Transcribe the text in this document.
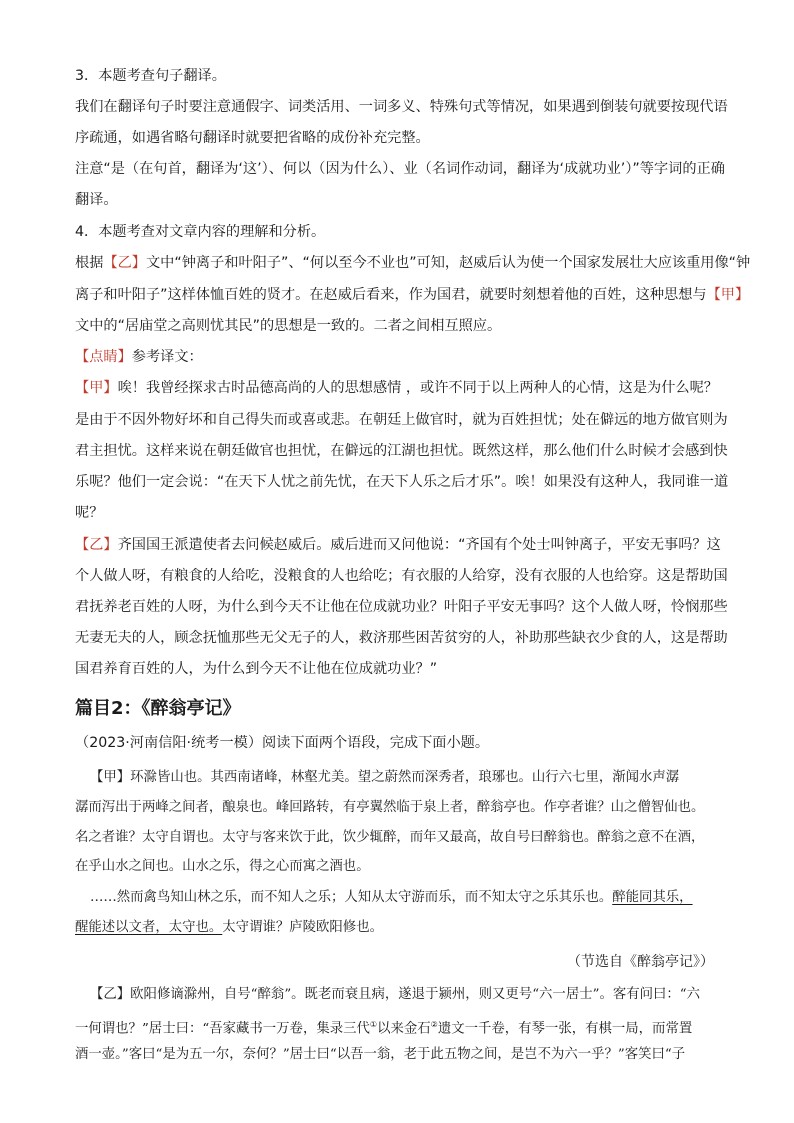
3．本题考查句子翻译。
我们在翻译句子时要注意通假字、词类活用、一词多义、特殊句式等情况，如果遇到倒装句就要按现代语
序疏通，如遇省略句翻译时就要把省略的成份补充完整。
注意“是（在句首，翻译为‘这’）、何以（因为什么）、业（名词作动词，翻译为‘成就功业’）”等字词的正确
翻译。
4．本题考查对文章内容的理解和分析。
根据【乙】文中“钟离子和叶阳子”、“何以至今不业也”可知，赵威后认为使一个国家发展壮大应该重用像“钟
离子和叶阳子”这样体恤百姓的贤才。在赵威后看来，作为国君，就要时刻想着他的百姓，这种思想与【甲】
文中的“居庙堂之高则忧其民”的思想是一致的。二者之间相互照应。
【点睛】参考译文：
【甲】唉！我曾经探求古时品德高尚的人的思想感情 ，或许不同于以上两种人的心情，这是为什么呢？
是由于不因外物好坏和自己得失而或喜或悲。在朝廷上做官时，就为百姓担忧；处在僻远的地方做官则为
君主担忧。这样来说在朝廷做官也担忧，在僻远的江湖也担忧。既然这样，那么他们什么时候才会感到快
乐呢？他们一定会说：“在天下人忧之前先忧，在天下人乐之后才乐”。唉！如果没有这种人，我同谁一道
呢？
【乙】齐国国王派遣使者去问候赵威后。威后进而又问他说：“齐国有个处士叫钟离子，平安无事吗？这
个人做人呀，有粮食的人给吃，没粮食的人也给吃；有衣服的人给穿，没有衣服的人也给穿。这是帮助国
君抚养老百姓的人呀，为什么到今天不让他在位成就功业？叶阳子平安无事吗？这个人做人呀，怜悯那些
无妻无夫的人，顾念抚恤那些无父无子的人，救济那些困苦贫穷的人，补助那些缺衣少食的人，这是帮助
国君养育百姓的人，为什么到今天不让他在位成就功业？”
篇目2：《醉翁亭记》
（2023·河南信阳·统考一模）阅读下面两个语段，完成下面小题。
【甲】环滁皆山也。其西南诸峰，林壑尤美。望之蔚然而深秀者，琅琊也。山行六七里，渐闻水声潺
潺而泻出于两峰之间者，酿泉也。峰回路转，有亭翼然临于泉上者，醉翁亭也。作亭者谁？山之僧智仙也。
名之者谁？太守自谓也。太守与客来饮于此，饮少辄醉，而年又最高，故自号曰醉翁也。醉翁之意不在酒，
在乎山水之间也。山水之乐，得之心而寓之酒也。
……然而禽鸟知山林之乐，而不知人之乐；人知从太守游而乐，而不知太守之乐其乐也。醉能同其乐，
醒能述以文者，太守也。太守谓谁？庐陵欧阳修也。
（节选自《醉翁亭记》）
【乙】欧阳修谪滁州，自号“醉翁”。既老而衰且病，遂退于颍州，则又更号“六一居士”。客有问曰：“六
一何谓也？”居士曰：“吾家藏书一万卷，集录三代①以来金石②遗文一千卷，有琴一张，有棋一局，而常置
酒一壶。”客曰“是为五一尔，奈何？”居士曰“以吾一翁，老于此五物之间，是岂不为六一乎？”客笑曰“子
